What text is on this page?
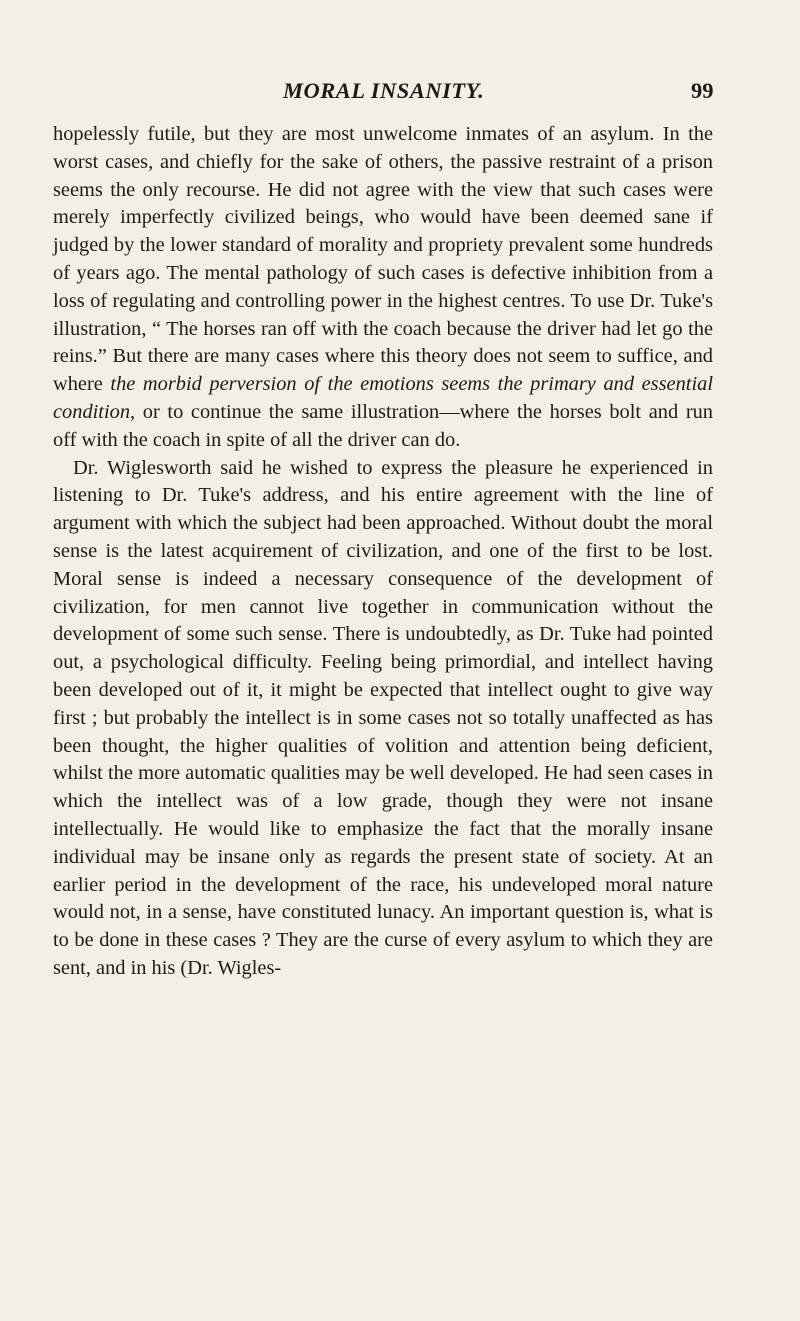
MORAL INSANITY.	99

hopelessly futile, but they are most unwelcome inmates of an asylum. In the worst cases, and chiefly for the sake of others, the passive restraint of a prison seems the only recourse. He did not agree with the view that such cases were merely imperfectly civilized beings, who would have been deemed sane if judged by the lower standard of morality and propriety prevalent some hundreds of years ago. The mental pathology of such cases is defective inhibition from a loss of regulating and controlling power in the highest centres. To use Dr. Tuke's illustration, “ The horses ran off with the coach because the driver had let go the reins.” But there are many cases where this theory does not seem to suffice, and where the morbid perversion of the emotions seems the primary and essential condition, or to continue the same illustration—where the horses bolt and run off with the coach in spite of all the driver can do.

Dr. Wiglesworth said he wished to express the pleasure he experienced in listening to Dr. Tuke's address, and his entire agreement with the line of argument with which the subject had been approached. Without doubt the moral sense is the latest acquirement of civilization, and one of the first to be lost. Moral sense is indeed a necessary consequence of the development of civilization, for men cannot live together in communication without the development of some such sense. There is undoubtedly, as Dr. Tuke had pointed out, a psychological difficulty. Feeling being primordial, and intellect having been developed out of it, it might be expected that intellect ought to give way first ; but probably the intellect is in some cases not so totally unaffected as has been thought, the higher qualities of volition and attention being deficient, whilst the more automatic qualities may be well developed. He had seen cases in which the intellect was of a low grade, though they were not insane intellectually. He would like to emphasize the fact that the morally insane individual may be insane only as regards the present state of society. At an earlier period in the development of the race, his undeveloped moral nature would not, in a sense, have constituted lunacy. An important question is, what is to be done in these cases ? They are the curse of every asylum to which they are sent, and in his (Dr. Wigles-
